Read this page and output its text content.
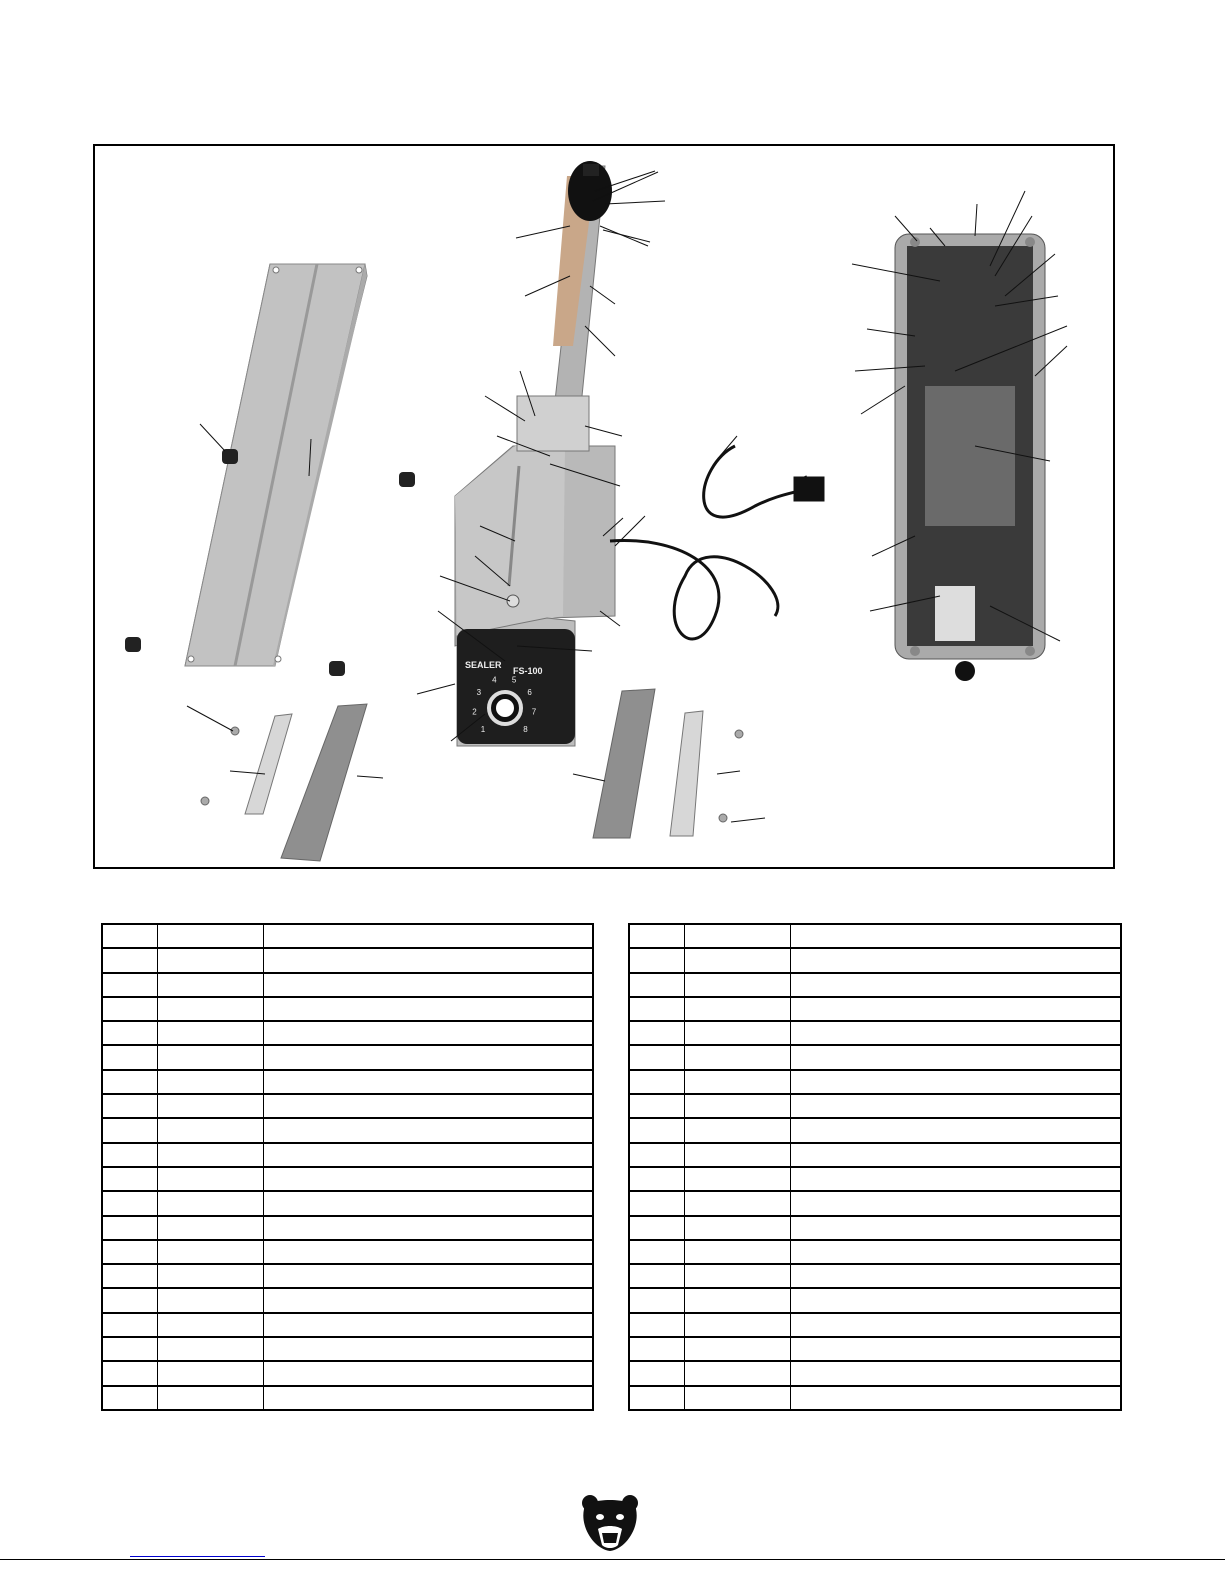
SEALER
FS-100
1
2
3
4 5
6
7
8
